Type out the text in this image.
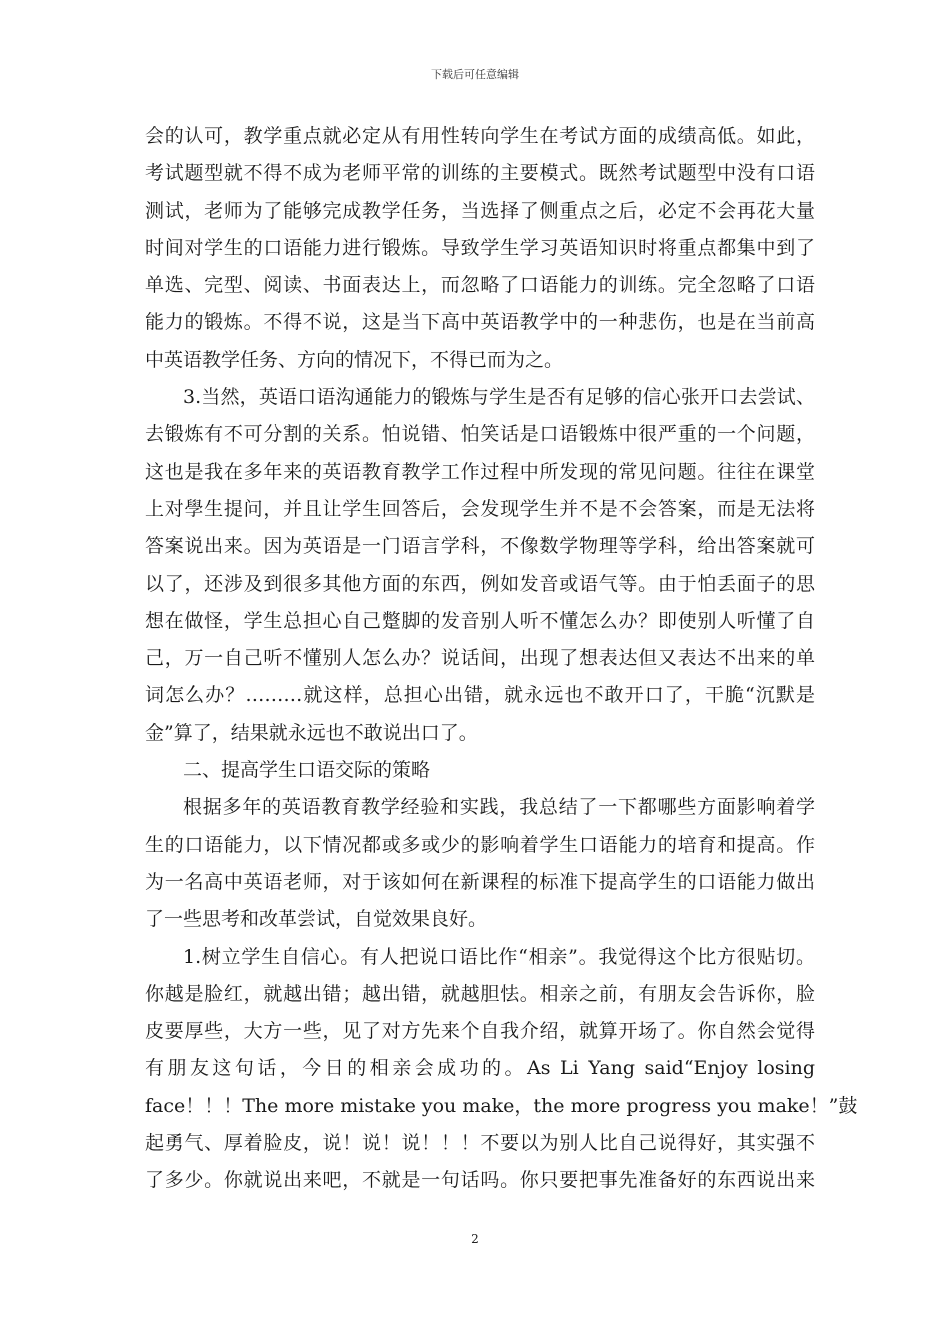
下载后可任意编辑
会的认可，教学重点就必定从有用性转向学生在考试方面的成绩高低。如此，
考试题型就不得不成为老师平常的训练的主要模式。既然考试题型中没有口语
测试，老师为了能够完成教学任务，当选择了侧重点之后，必定不会再花大量
时间对学生的口语能力进行锻炼。导致学生学习英语知识时将重点都集中到了
单选、完型、阅读、书面表达上，而忽略了口语能力的训练。完全忽略了口语
能力的锻炼。不得不说，这是当下高中英语教学中的一种悲伤，也是在当前高
中英语教学任务、方向的情况下，不得已而为之。
3.当然，英语口语沟通能力的锻炼与学生是否有足够的信心张开口去尝试、
去锻炼有不可分割的关系。怕说错、怕笑话是口语锻炼中很严重的一个问题，
这也是我在多年来的英语教育教学工作过程中所发现的常见问题。往往在课堂
上对學生提问，并且让学生回答后，会发现学生并不是不会答案，而是无法将
答案说出来。因为英语是一门语言学科，不像数学物理等学科，给出答案就可
以了，还涉及到很多其他方面的东西，例如发音或语气等。由于怕丢面子的思
想在做怪，学生总担心自己蹩脚的发音别人听不懂怎么办？即使别人听懂了自
己，万一自己听不懂别人怎么办？说话间，出现了想表达但又表达不出来的单
词怎么办？………就这样，总担心出错，就永远也不敢开口了，干脆“沉默是
金”算了，结果就永远也不敢说出口了。
二、提高学生口语交际的策略
根据多年的英语教育教学经验和实践，我总结了一下都哪些方面影响着学
生的口语能力，以下情况都或多或少的影响着学生口语能力的培育和提高。作
为一名高中英语老师，对于该如何在新课程的标准下提高学生的口语能力做出
了一些思考和改革尝试，自觉效果良好。
1.树立学生自信心。有人把说口语比作“相亲”。我觉得这个比方很贴切。
你越是脸红，就越出错；越出错，就越胆怯。相亲之前，有朋友会告诉你，脸
皮要厚些，大方一些，见了对方先来个自我介绍，就算开场了。你自然会觉得
有朋友这句话，今日的相亲会成功的。As Li Yang said“Enjoy losing
face！！！The more mistake you make，the more progress you make！”鼓
起勇气、厚着脸皮，说！说！说！！！不要以为别人比自己说得好，其实强不
了多少。你就说出来吧，不就是一句话吗。你只要把事先准备好的东西说出来
2
